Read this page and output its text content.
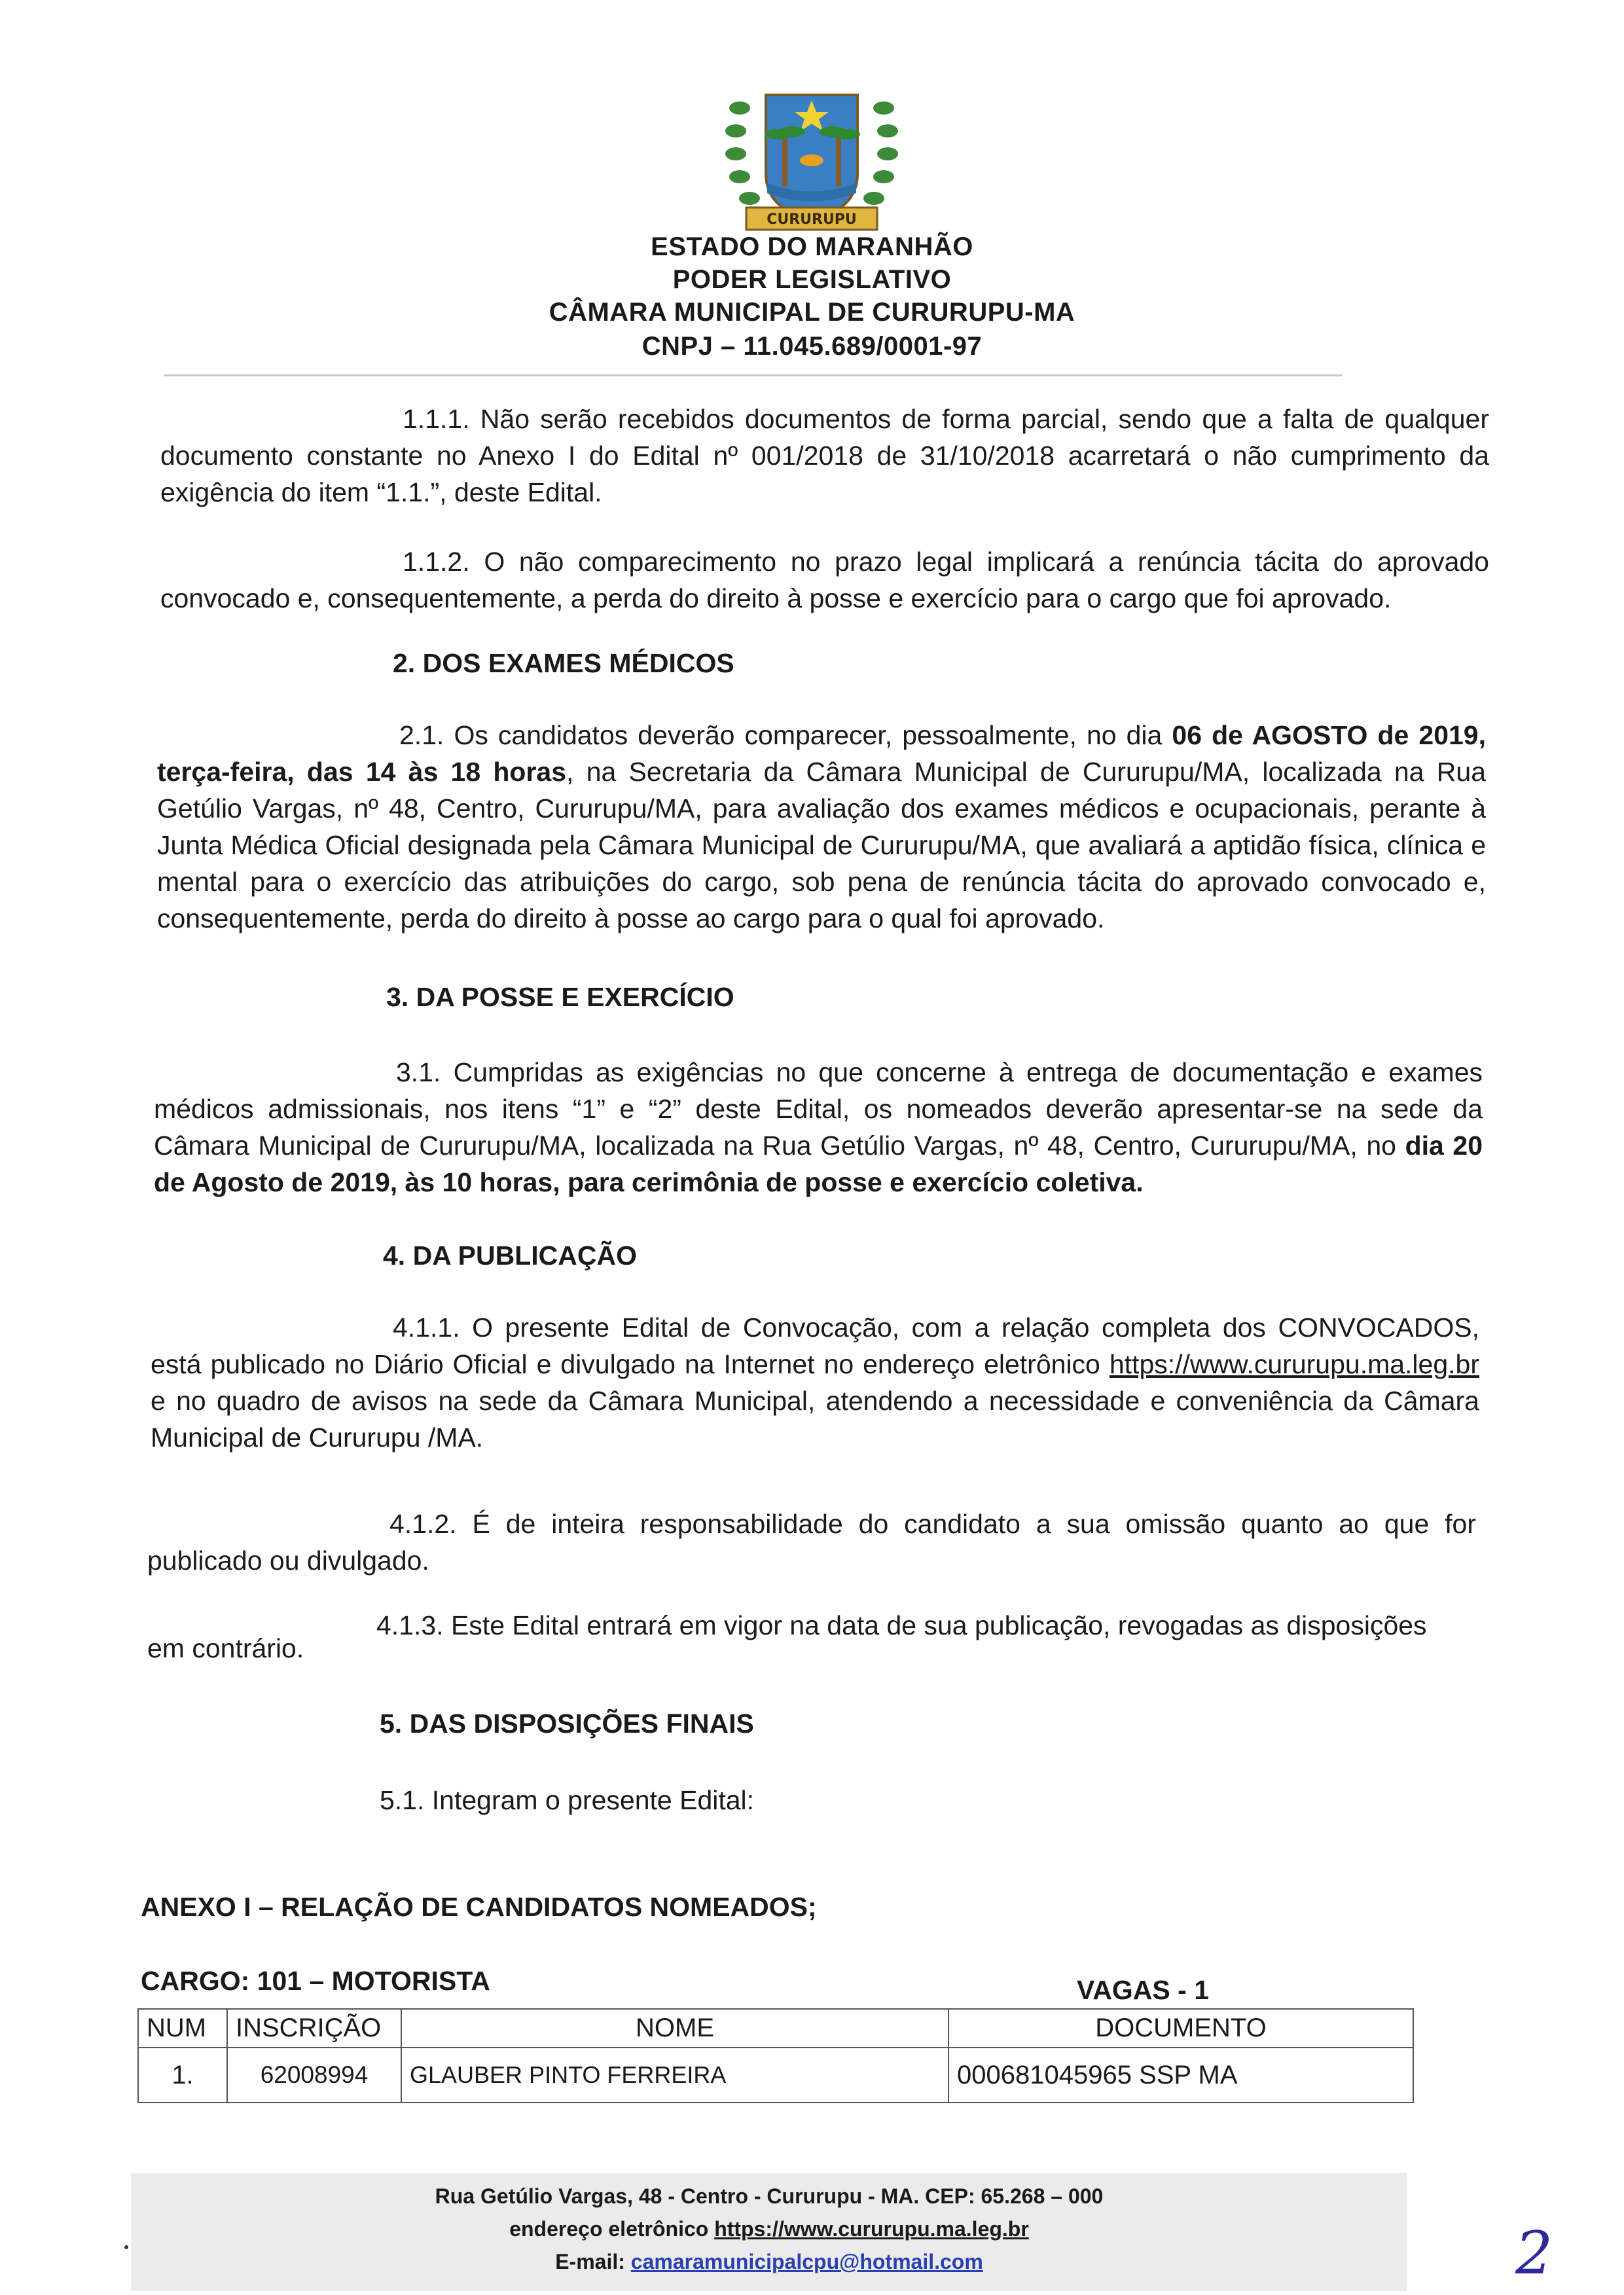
CURURUPU
ESTADO DO MARANHÃO
PODER LEGISLATIVO
CÂMARA MUNICIPAL DE CURURUPU-MA
CNPJ – 11.045.689/0001-97

1.1.1. Não serão recebidos documentos de forma parcial, sendo que a falta de qualquer documento constante no Anexo I do Edital nº 001/2018 de 31/10/2018 acarretará o não cumprimento da exigência do item “1.1.”, deste Edital.

1.1.2. O não comparecimento no prazo legal implicará a renúncia tácita do aprovado convocado e, consequentemente, a perda do direito à posse e exercício para o cargo que foi aprovado.

2. DOS EXAMES MÉDICOS

2.1. Os candidatos deverão comparecer, pessoalmente, no dia 06 de AGOSTO de 2019, terça-feira, das 14 às 18 horas, na Secretaria da Câmara Municipal de Cururupu/MA, localizada na Rua Getúlio Vargas, nº 48, Centro, Cururupu/MA, para avaliação dos exames médicos e ocupacionais, perante à Junta Médica Oficial designada pela Câmara Municipal de Cururupu/MA, que avaliará a aptidão física, clínica e mental para o exercício das atribuições do cargo, sob pena de renúncia tácita do aprovado convocado e, consequentemente, perda do direito à posse ao cargo para o qual foi aprovado.

3. DA POSSE E EXERCÍCIO

3.1. Cumpridas as exigências no que concerne à entrega de documentação e exames médicos admissionais, nos itens “1” e “2” deste Edital, os nomeados deverão apresentar-se na sede da Câmara Municipal de Cururupu/MA, localizada na Rua Getúlio Vargas, nº 48, Centro, Cururupu/MA, no dia 20 de Agosto de 2019, às 10 horas, para cerimônia de posse e exercício coletiva.

4. DA PUBLICAÇÃO

4.1.1. O presente Edital de Convocação, com a relação completa dos CONVOCADOS, está publicado no Diário Oficial e divulgado na Internet no endereço eletrônico https://www.cururupu.ma.leg.br e no quadro de avisos na sede da Câmara Municipal, atendendo a necessidade e conveniência da Câmara Municipal de Cururupu /MA.

4.1.2. É de inteira responsabilidade do candidato a sua omissão quanto ao que for publicado ou divulgado.

4.1.3. Este Edital entrará em vigor na data de sua publicação, revogadas as disposições
em contrário.
5. DAS DISPOSIÇÕES FINAIS
5.1. Integram o presente Edital:
ANEXO I – RELAÇÃO DE CANDIDATOS NOMEADOS;
CARGO: 101 – MOTORISTA	VAGAS - 1
NUM	INSCRIÇÃO	NOME	DOCUMENTO
1.	62008994	GLAUBER PINTO FERREIRA	000681045965 SSP MA
Rua Getúlio Vargas, 48 - Centro - Cururupu - MA. CEP: 65.268 – 000
endereço eletrônico https://www.cururupu.ma.leg.br
E-mail: camaramunicipalcpu@hotmail.com	2
